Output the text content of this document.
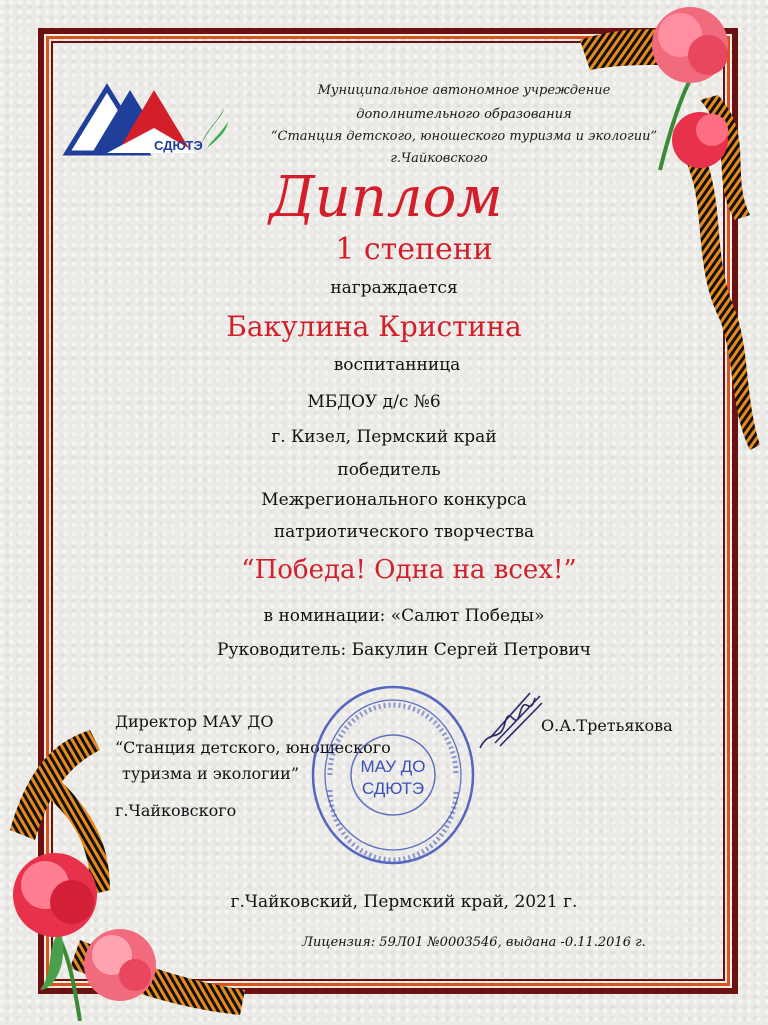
СДЮТЭ
Муниципальное автономное учреждение
дополнительного образования
“Станция детского, юношеского туризма и экологии”
г.Чайковского
Диплом
1 степени
награждается
Бакулина Кристина
воспитанница
МБДОУ д/с №6
г. Кизел, Пермский край
победитель
Межрегионального конкурса
патриотического творчества
“Победа! Одна на всех!”
в номинации: «Салют Победы»
Руководитель: Бакулин Сергей Петрович
Директор МАУ ДО
“Станция детского, юношеского
туризма и экологии”
г.Чайковского
О.А.Третьякова
МАУ ДО
СДЮТЭ
г.Чайковский, Пермский край, 2021 г.
Лицензия: 59Л01 №0003546, выдана -0.11.2016 г.
